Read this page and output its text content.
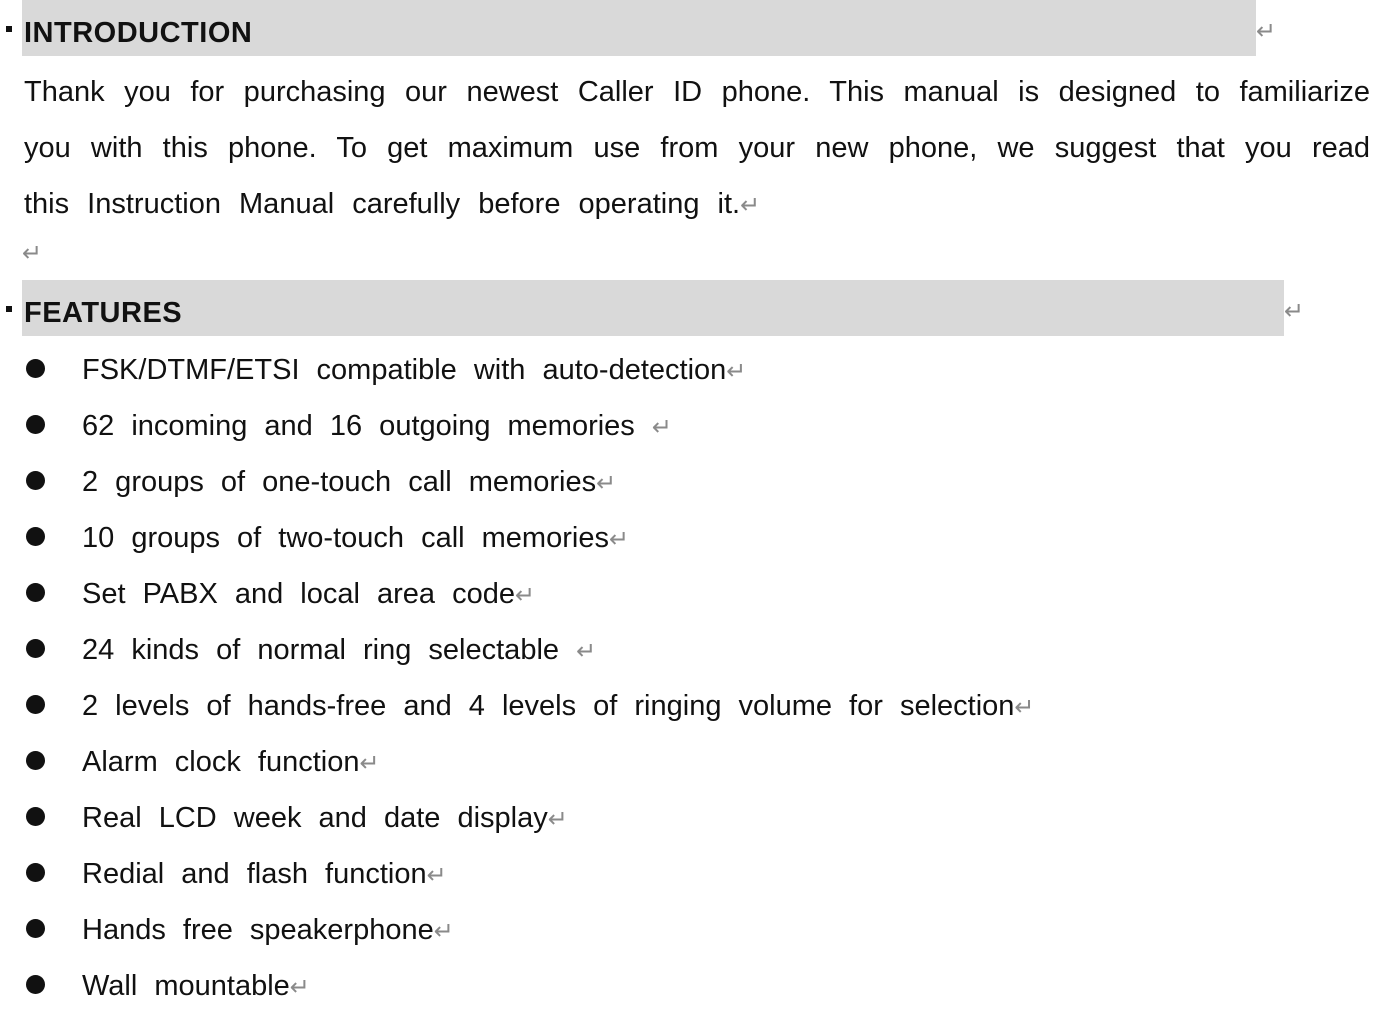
INTRODUCTION	↵
Thank you for purchasing our newest Caller ID phone. This manual is designed to familiarize
you with this phone. To get maximum use from your new phone, we suggest that you read
this Instruction Manual carefully before operating it.↵
↵
FEATURES	↵
FSK/DTMF/ETSI compatible with auto-detection↵
62 incoming and 16 outgoing memories ↵
2 groups of one-touch call memories↵
10 groups of two-touch call memories↵
Set PABX and local area code↵
24 kinds of normal ring selectable ↵
2 levels of hands-free and 4 levels of ringing volume for selection↵
Alarm clock function↵
Real LCD week and date display↵
Redial and flash function↵
Hands free speakerphone↵
Wall mountable↵
